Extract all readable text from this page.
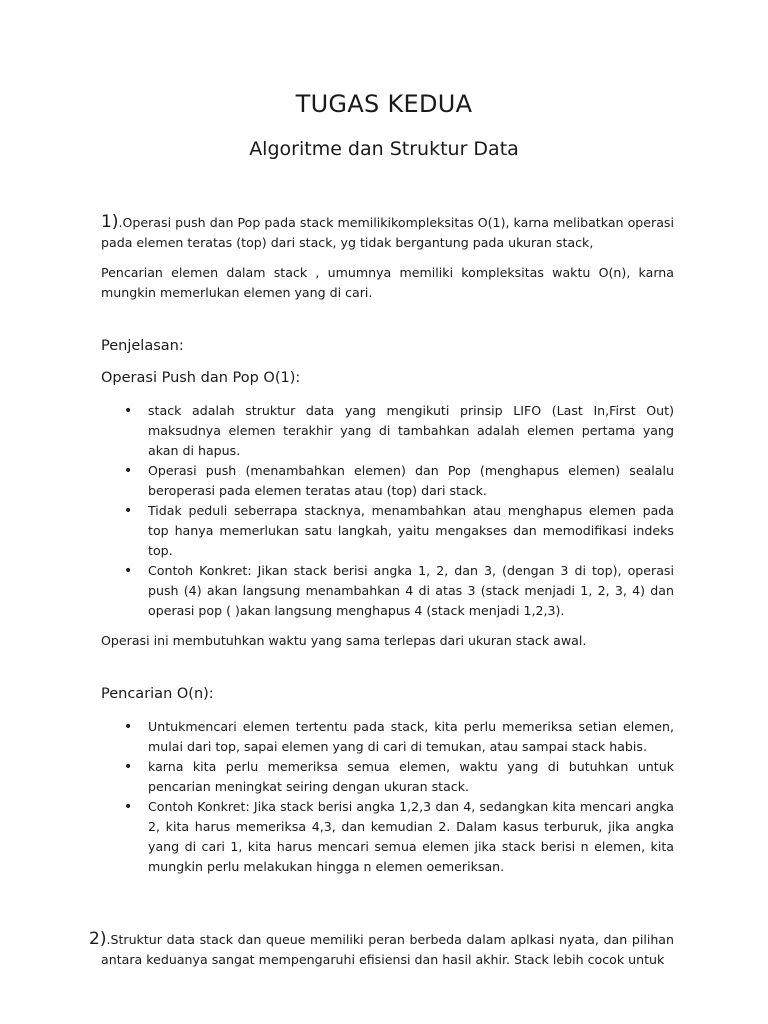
TUGAS KEDUA
Algoritme dan Struktur Data

1).Operasi push dan Pop pada stack memilikikompleksitas O(1), karna melibatkan operasi pada elemen teratas (top) dari stack, yg tidak bergantung pada ukuran stack,

Pencarian elemen dalam stack , umumnya memiliki kompleksitas waktu O(n), karna mungkin memerlukan elemen yang di cari.

Penjelasan:

Operasi Push dan Pop O(1):

• stack adalah struktur data yang mengikuti prinsip LIFO (Last In,First Out) maksudnya elemen terakhir yang di tambahkan adalah elemen pertama yang akan di hapus.
• Operasi push (menambahkan elemen) dan Pop (menghapus elemen) sealalu beroperasi pada elemen teratas atau (top) dari stack.
• Tidak peduli seberrapa stacknya, menambahkan atau menghapus elemen pada top hanya memerlukan satu langkah, yaitu mengakses dan memodifikasi indeks top.
• Contoh Konkret: Jikan stack berisi angka 1, 2, dan 3, (dengan 3 di top), operasi push (4) akan langsung menambahkan 4 di atas 3 (stack menjadi 1, 2, 3, 4) dan operasi pop ( )akan langsung menghapus 4 (stack menjadi 1,2,3).

Operasi ini membutuhkan waktu yang sama terlepas dari ukuran stack awal.

Pencarian O(n):

• Untukmencari elemen tertentu pada stack, kita perlu memeriksa setian elemen, mulai dari top, sapai elemen yang di cari di temukan, atau sampai stack habis.
• karna kita perlu memeriksa semua elemen, waktu yang di butuhkan untuk pencarian meningkat seiring dengan ukuran stack.
• Contoh Konkret: Jika stack berisi angka 1,2,3 dan 4, sedangkan kita mencari angka 2, kita harus memeriksa 4,3, dan kemudian 2. Dalam kasus terburuk, jika angka yang di cari 1, kita harus mencari semua elemen jika stack berisi n elemen, kita mungkin perlu melakukan hingga n elemen oemeriksan.

2).Struktur data stack dan queue memiliki peran berbeda dalam aplkasi nyata, dan pilihan antara keduanya sangat mempengaruhi efisiensi dan hasil akhir. Stack lebih cocok untuk
